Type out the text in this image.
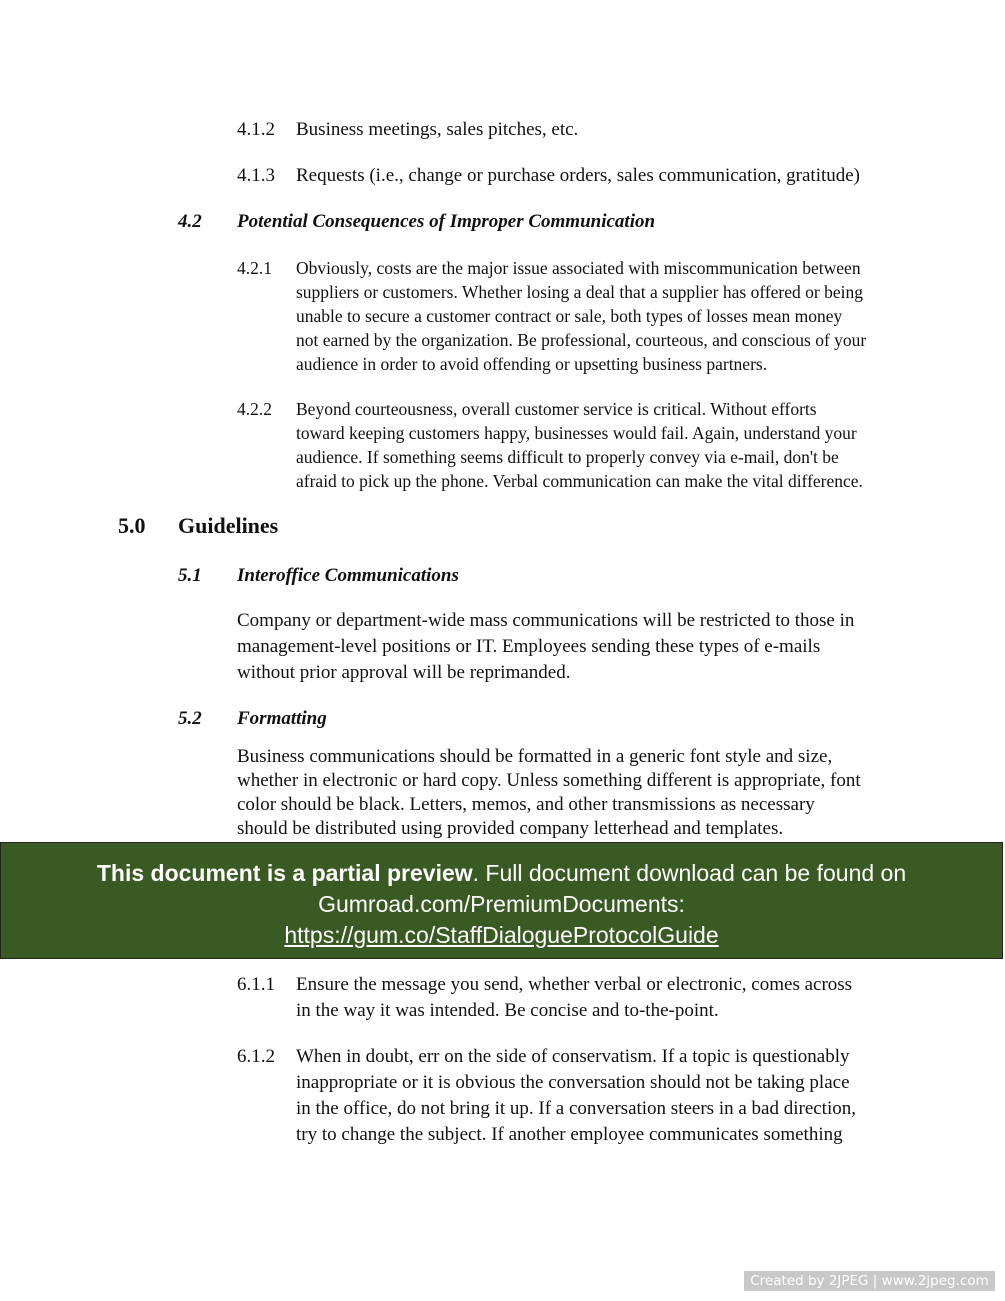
4.1.2 Business meetings, sales pitches, etc.
4.1.3 Requests (i.e., change or purchase orders, sales communication, gratitude)
4.2 Potential Consequences of Improper Communication
4.2.1 Obviously, costs are the major issue associated with miscommunication between
suppliers or customers. Whether losing a deal that a supplier has offered or being
unable to secure a customer contract or sale, both types of losses mean money
not earned by the organization. Be professional, courteous, and conscious of your
audience in order to avoid offending or upsetting business partners.
4.2.2 Beyond courteousness, overall customer service is critical. Without efforts
toward keeping customers happy, businesses would fail. Again, understand your
audience. If something seems difficult to properly convey via e-mail, don't be
afraid to pick up the phone. Verbal communication can make the vital difference.
5.0 Guidelines
5.1 Interoffice Communications
Company or department-wide mass communications will be restricted to those in
management-level positions or IT. Employees sending these types of e-mails
without prior approval will be reprimanded.
5.2 Formatting
Business communications should be formatted in a generic font style and size,
whether in electronic or hard copy. Unless something different is appropriate, font
color should be black. Letters, memos, and other transmissions as necessary
should be distributed using provided company letterhead and templates.
6.1.1 Ensure the message you send, whether verbal or electronic, comes across
in the way it was intended. Be concise and to-the-point.
6.1.2 When in doubt, err on the side of conservatism. If a topic is questionably
inappropriate or it is obvious the conversation should not be taking place
in the office, do not bring it up. If a conversation steers in a bad direction,
try to change the subject. If another employee communicates something
This document is a partial preview. Full document download can be found on
Gumroad.com/PremiumDocuments:
https://gum.co/StaffDialogueProtocolGuide
Created by 2JPEG | www.2jpeg.com
